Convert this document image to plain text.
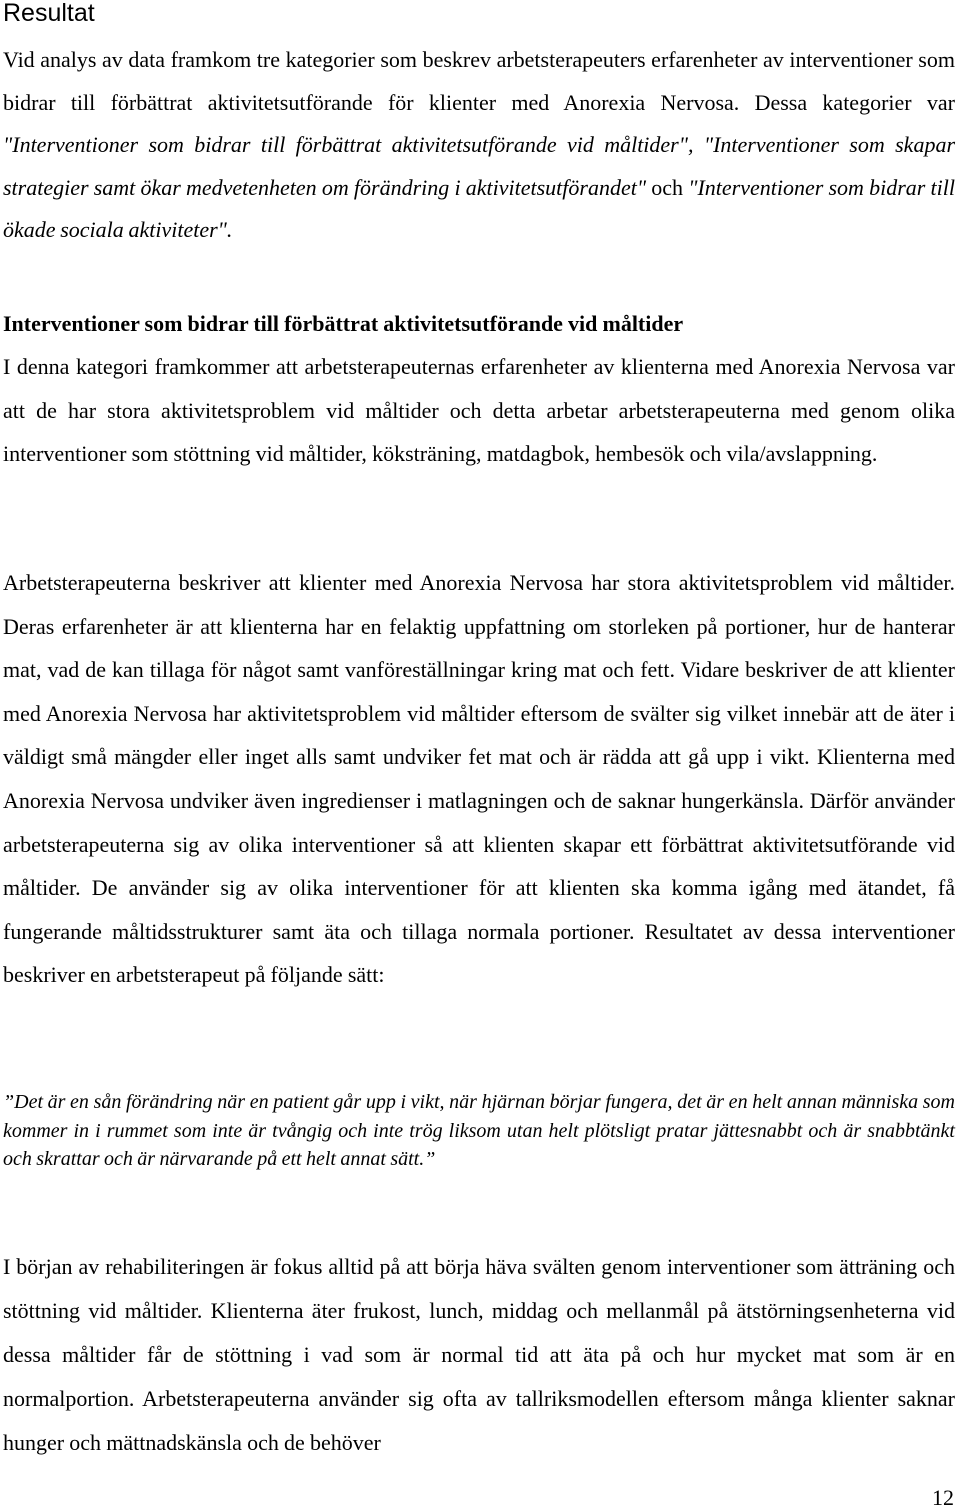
Resultat

Vid analys av data framkom tre kategorier som beskrev arbetsterapeuters erfarenheter av interventioner som bidrar till förbättrat aktivitetsutförande för klienter med Anorexia Nervosa. Dessa kategorier var "Interventioner som bidrar till förbättrat aktivitetsutförande vid måltider", "Interventioner som skapar strategier samt ökar medvetenheten om förändring i aktivitetsutförandet" och "Interventioner som bidrar till ökade sociala aktiviteter".

Interventioner som bidrar till förbättrat aktivitetsutförande vid måltider

I denna kategori framkommer att arbetsterapeuternas erfarenheter av klienterna med Anorexia Nervosa var att de har stora aktivitetsproblem vid måltider och detta arbetar arbetsterapeuterna med genom olika interventioner som stöttning vid måltider, köksträning, matdagbok, hembesök och vila/avslappning.

Arbetsterapeuterna beskriver att klienter med Anorexia Nervosa har stora aktivitetsproblem vid måltider. Deras erfarenheter är att klienterna har en felaktig uppfattning om storleken på portioner, hur de hanterar mat, vad de kan tillaga för något samt vanföreställningar kring mat och fett. Vidare beskriver de att klienter med Anorexia Nervosa har aktivitetsproblem vid måltider eftersom de svälter sig vilket innebär att de äter i väldigt små mängder eller inget alls samt undviker fet mat och är rädda att gå upp i vikt. Klienterna med Anorexia Nervosa undviker även ingredienser i matlagningen och de saknar hungerkänsla. Därför använder arbetsterapeuterna sig av olika interventioner så att klienten skapar ett förbättrat aktivitetsutförande vid måltider. De använder sig av olika interventioner för att klienten ska komma igång med ätandet, få fungerande måltidsstrukturer samt äta och tillaga normala portioner. Resultatet av dessa interventioner beskriver en arbetsterapeut på följande sätt:

”Det är en sån förändring när en patient går upp i vikt, när hjärnan börjar fungera, det är en helt annan människa som kommer in i rummet som inte är tvångig och inte trög liksom utan helt plötsligt pratar jättesnabbt och är snabbtänkt och skrattar och är närvarande på ett helt annat sätt.”

I början av rehabiliteringen är fokus alltid på att börja häva svälten genom interventioner som ätträning och stöttning vid måltider. Klienterna äter frukost, lunch, middag och mellanmål på ätstörningsenheterna vid dessa måltider får de stöttning i vad som är normal tid att äta på och hur mycket mat som är en normalportion. Arbetsterapeuterna använder sig ofta av tallriksmodellen eftersom många klienter saknar hunger och mättnadskänsla och de behöver

12
